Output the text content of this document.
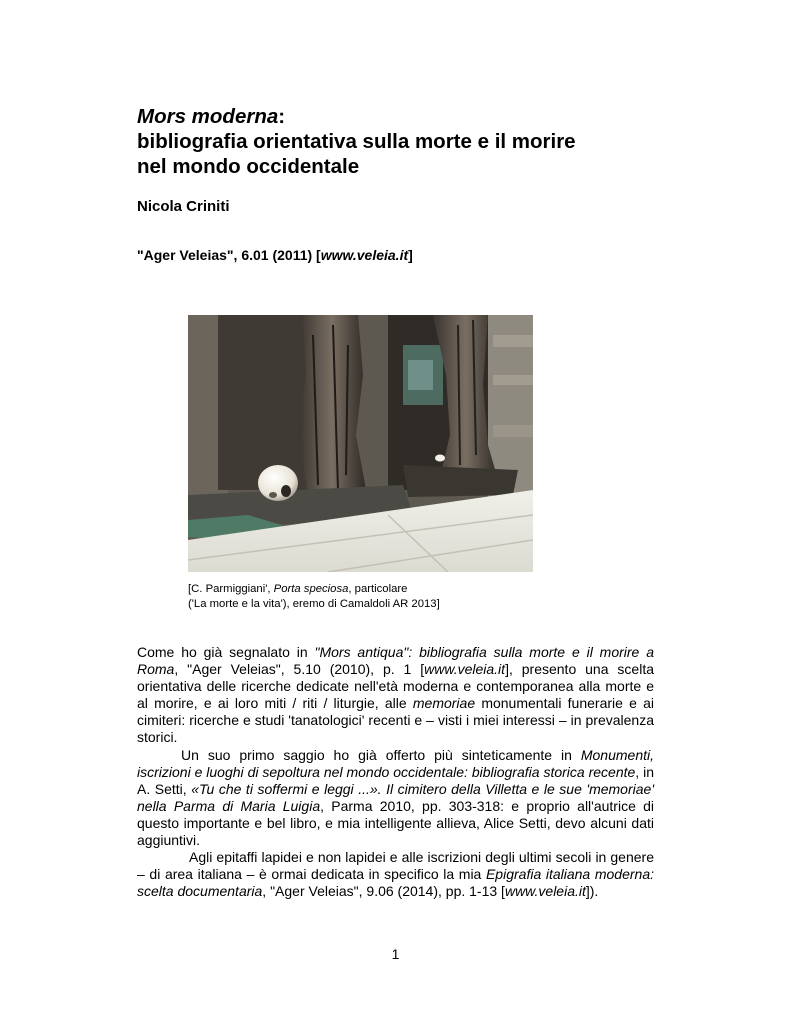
Mors moderna:
bibliografia orientativa sulla morte e il morire
nel mondo occidentale

Nicola Criniti

"Ager Veleias", 6.01 (2011) [www.veleia.it]

[C. Parmiggiani', Porta speciosa, particolare
('La morte e la vita'), eremo di Camaldoli AR 2013]

Come ho già segnalato in "Mors antiqua": bibliografia sulla morte e il morire a Roma, "Ager Veleias", 5.10 (2010), p. 1 [www.veleia.it], presento una scelta orientativa delle ricerche dedicate nell'età moderna e contemporanea alla morte e al morire, e ai loro miti / riti / liturgie, alle memoriae monumentali funerarie e ai cimiteri: ricerche e studi 'tanatologici' recenti e – visti i miei interessi – in prevalenza storici.

Un suo primo saggio ho già offerto più sinteticamente in Monumenti, iscrizioni e luoghi di sepoltura nel mondo occidentale: bibliografia storica recente, in A. Setti, «Tu che ti soffermi e leggi ...». Il cimitero della Villetta e le sue 'memoriae' nella Parma di Maria Luigia, Parma 2010, pp. 303-318: e proprio all'autrice di questo importante e bel libro, e mia intelligente allieva, Alice Setti, devo alcuni dati aggiuntivi.

Agli epitaffi lapidei e non lapidei e alle iscrizioni degli ultimi secoli in genere – di area italiana – è ormai dedicata in specifico la mia Epigrafia italiana moderna: scelta documentaria, "Ager Veleias", 9.06 (2014), pp. 1-13 [www.veleia.it]).

1
